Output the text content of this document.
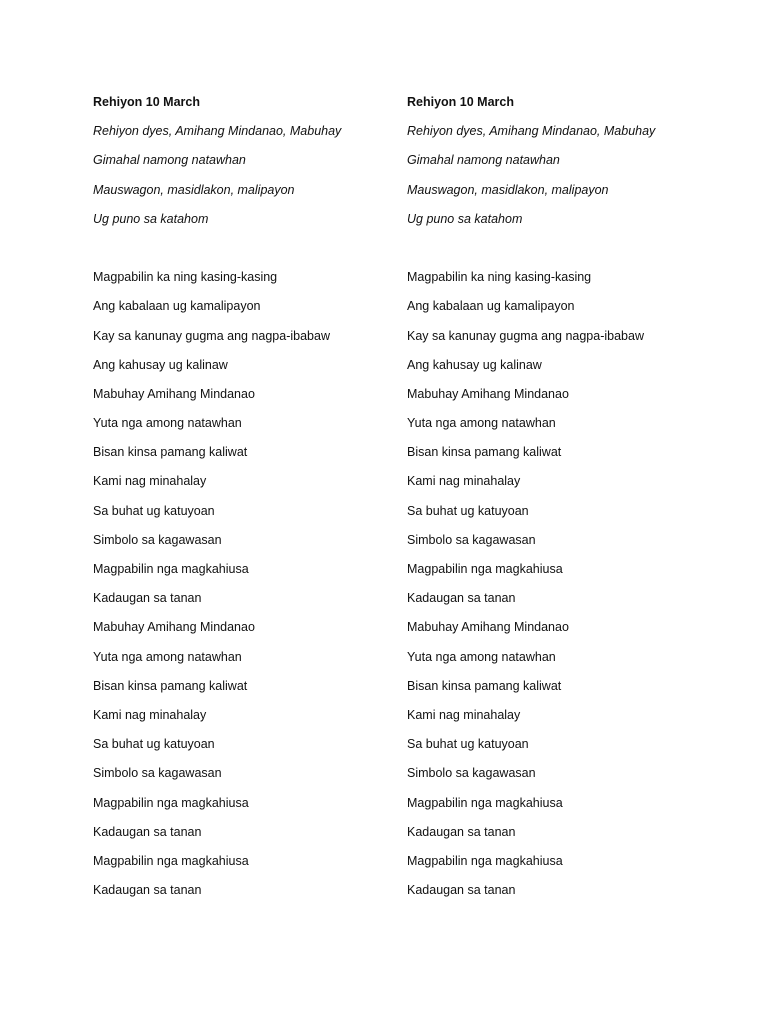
Rehiyon 10 March
Rehiyon dyes, Amihang Mindanao, Mabuhay
Gimahal namong natawhan
Mauswagon, masidlakon, malipayon
Ug puno sa katahom
Magpabilin ka ning kasing-kasing
Ang kabalaan ug kamalipayon
Kay sa kanunay gugma ang nagpa-ibabaw
Ang kahusay ug kalinaw
Mabuhay Amihang Mindanao
Yuta nga among natawhan
Bisan kinsa pamang kaliwat
Kami nag minahalay
Sa buhat ug katuyoan
Simbolo sa kagawasan
Magpabilin nga magkahiusa
Kadaugan sa tanan
Mabuhay Amihang Mindanao
Yuta nga among natawhan
Bisan kinsa pamang kaliwat
Kami nag minahalay
Sa buhat ug katuyoan
Simbolo sa kagawasan
Magpabilin nga magkahiusa
Kadaugan sa tanan
Magpabilin nga magkahiusa
Kadaugan sa tanan
Rehiyon 10 March
Rehiyon dyes, Amihang Mindanao, Mabuhay
Gimahal namong natawhan
Mauswagon, masidlakon, malipayon
Ug puno sa katahom
Magpabilin ka ning kasing-kasing
Ang kabalaan ug kamalipayon
Kay sa kanunay gugma ang nagpa-ibabaw
Ang kahusay ug kalinaw
Mabuhay Amihang Mindanao
Yuta nga among natawhan
Bisan kinsa pamang kaliwat
Kami nag minahalay
Sa buhat ug katuyoan
Simbolo sa kagawasan
Magpabilin nga magkahiusa
Kadaugan sa tanan
Mabuhay Amihang Mindanao
Yuta nga among natawhan
Bisan kinsa pamang kaliwat
Kami nag minahalay
Sa buhat ug katuyoan
Simbolo sa kagawasan
Magpabilin nga magkahiusa
Kadaugan sa tanan
Magpabilin nga magkahiusa
Kadaugan sa tanan
